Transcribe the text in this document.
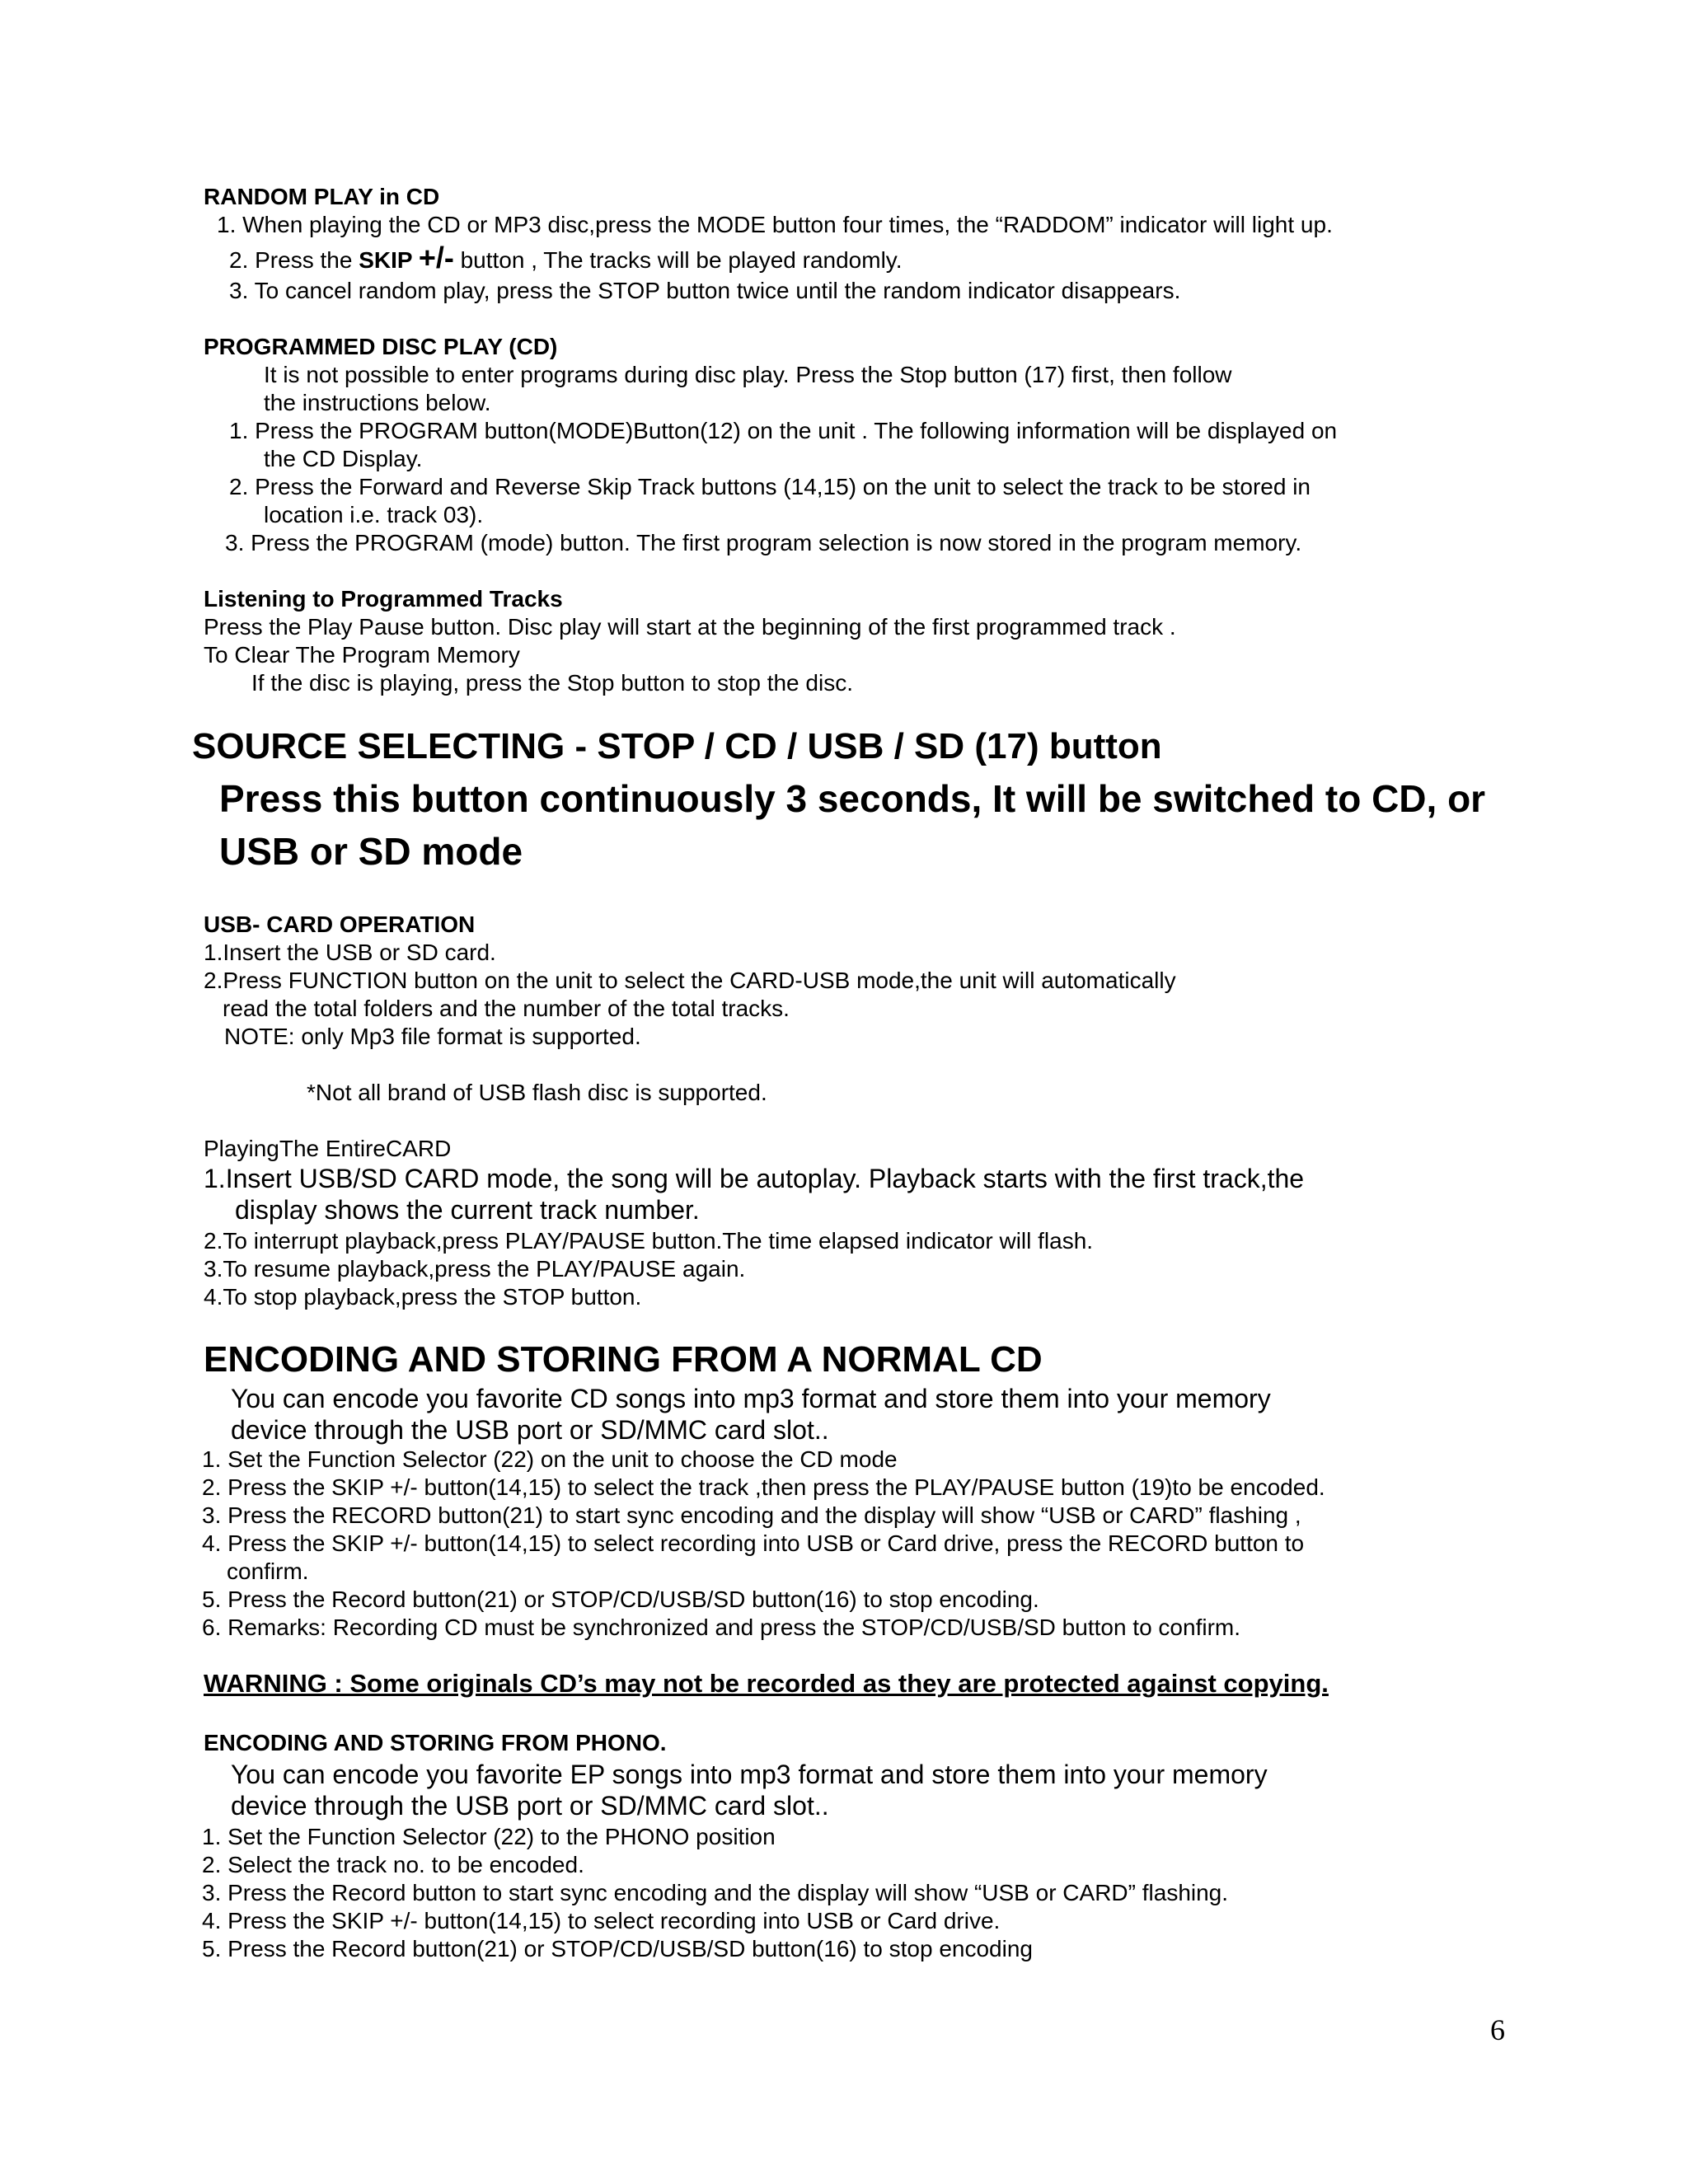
RANDOM PLAY in CD
1. When playing the CD or MP3 disc,press the MODE button four times, the “RADDOM” indicator will light up.
2. Press the SKIP +/- button , The tracks will be played randomly.
3. To cancel random play, press the STOP button twice until the random indicator disappears.
PROGRAMMED DISC PLAY (CD)
It is not possible to enter programs during disc play. Press the Stop button (17) first, then follow
the instructions below.
1. Press the PROGRAM button(MODE)Button(12) on the unit . The following information will be displayed on
the CD Display.
2. Press the Forward and Reverse Skip Track buttons (14,15) on the unit to select the track to be stored in
location i.e. track 03).
3. Press the PROGRAM (mode) button. The first program selection is now stored in the program memory.
Listening to Programmed Tracks
Press the Play Pause button. Disc play will start at the beginning of the first programmed track .
To Clear The Program Memory
If the disc is playing, press the Stop button to stop the disc.
SOURCE SELECTING - STOP / CD / USB / SD (17) button
Press this button continuously 3 seconds, It will be switched to CD, or
USB or SD mode
USB- CARD OPERATION
1.Insert the USB or SD card.
2.Press FUNCTION button on the unit to select the CARD-USB mode,the unit will automatically
read the total folders and the number of the total tracks.
NOTE: only Mp3 file format is supported.
*Not all brand of USB flash disc is supported.
PlayingThe EntireCARD
1.Insert USB/SD CARD mode, the song will be autoplay. Playback starts with the first track,the
display shows the current track number.
2.To interrupt playback,press PLAY/PAUSE button.The time elapsed indicator will flash.
3.To resume playback,press the PLAY/PAUSE again.
4.To stop playback,press the STOP button.
ENCODING AND STORING FROM A NORMAL CD
You can encode you favorite CD songs into mp3 format and store them into your memory
device through the USB port or SD/MMC card slot..
1. Set the Function Selector (22) on the unit to choose the CD mode
2. Press the SKIP +/- button(14,15) to select the track ,then press the PLAY/PAUSE button (19)to be encoded.
3. Press the RECORD button(21) to start sync encoding and the display will show “USB or CARD” flashing ,
4. Press the SKIP +/- button(14,15) to select recording into USB or Card drive, press the RECORD button to
confirm.
5. Press the Record button(21) or STOP/CD/USB/SD button(16) to stop encoding.
6. Remarks: Recording CD must be synchronized and press the STOP/CD/USB/SD button to confirm.
WARNING : Some originals CD’s may not be recorded as they are protected against copying.
ENCODING AND STORING FROM PHONO.
You can encode you favorite EP songs into mp3 format and store them into your memory
device through the USB port or SD/MMC card slot..
1. Set the Function Selector (22) to the PHONO position
2. Select the track no. to be encoded.
3. Press the Record button to start sync encoding and the display will show “USB or CARD” flashing.
4. Press the SKIP +/- button(14,15) to select recording into USB or Card drive.
5. Press the Record button(21) or STOP/CD/USB/SD button(16) to stop encoding
6
